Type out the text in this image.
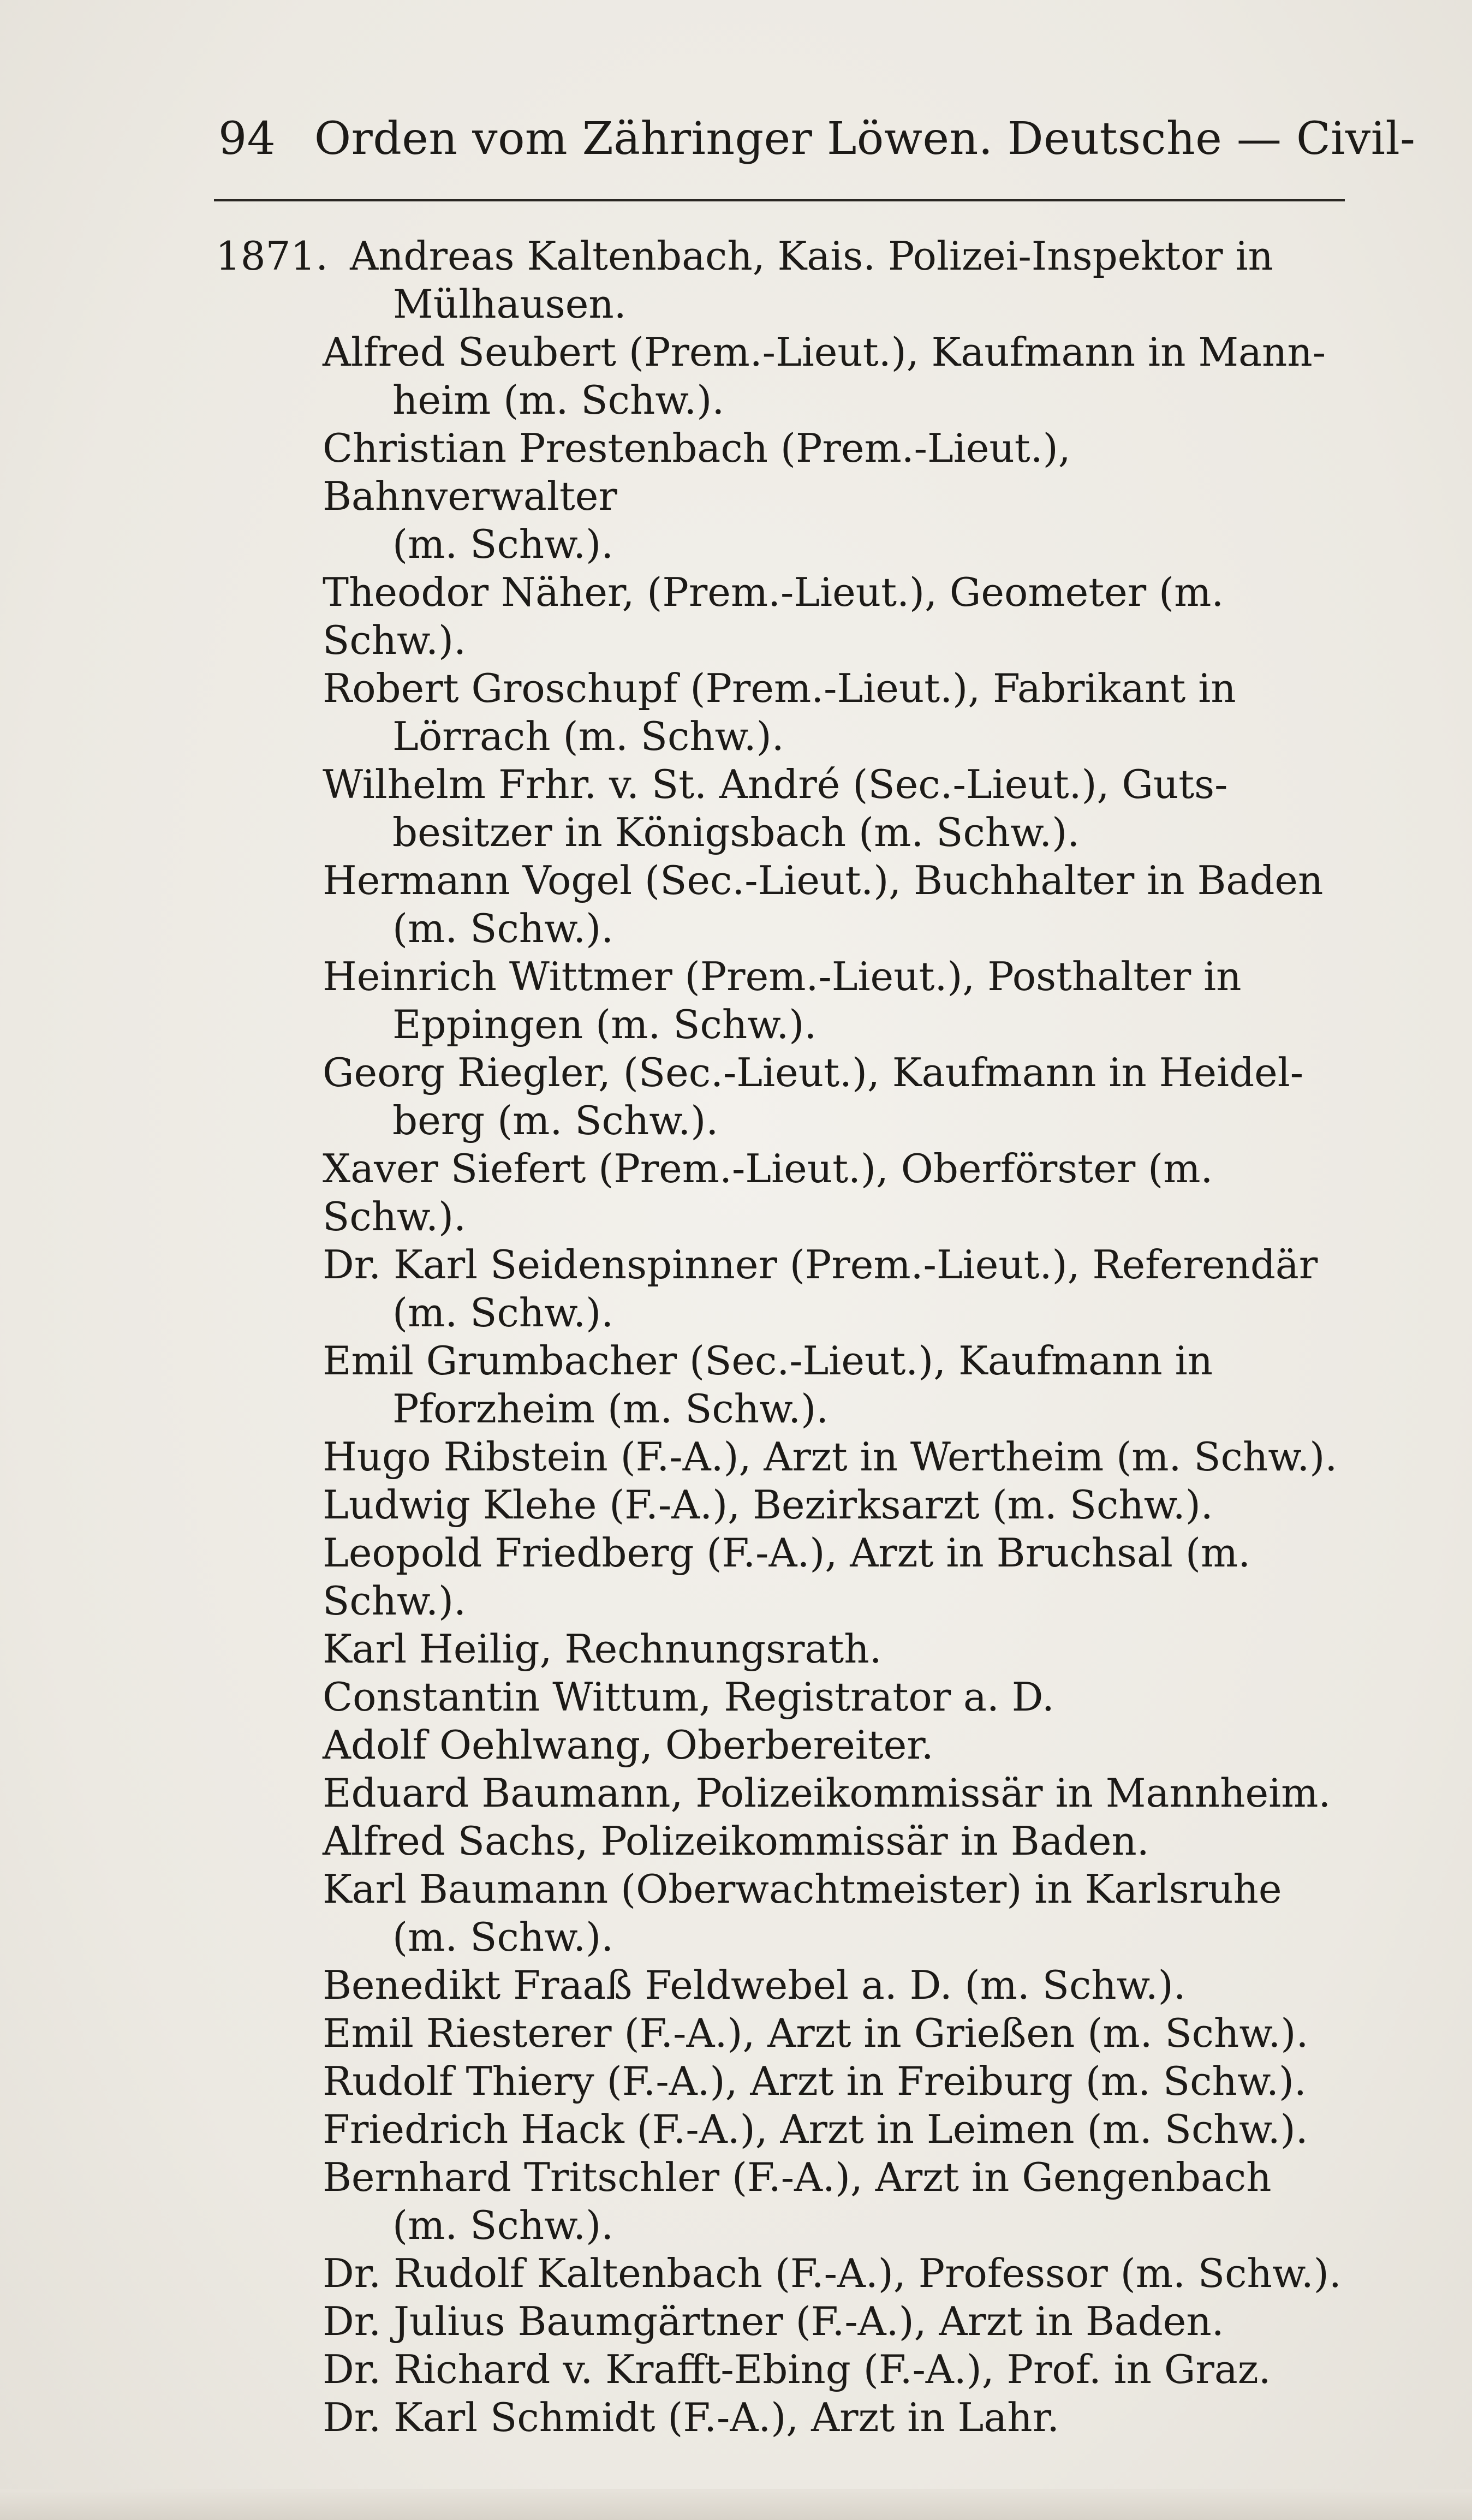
94 Orden vom Zähringer Löwen. Deutsche — Civil-
1871. Andreas Kaltenbach, Kais. Polizei-Inspektor in
Mülhausen.
Alfred Seubert (Prem.-Lieut.), Kaufmann in Mann-
heim (m. Schw.).
Christian Prestenbach (Prem.-Lieut.), Bahnverwalter
(m. Schw.).
Theodor Näher, (Prem.-Lieut.), Geometer (m. Schw.).
Robert Groschupf (Prem.-Lieut.), Fabrikant in
Lörrach (m. Schw.).
Wilhelm Frhr. v. St. André (Sec.-Lieut.), Guts-
besitzer in Königsbach (m. Schw.).
Hermann Vogel (Sec.-Lieut.), Buchhalter in Baden
(m. Schw.).
Heinrich Wittmer (Prem.-Lieut.), Posthalter in
Eppingen (m. Schw.).
Georg Riegler, (Sec.-Lieut.), Kaufmann in Heidel-
berg (m. Schw.).
Xaver Siefert (Prem.-Lieut.), Oberförster (m. Schw.).
Dr. Karl Seidenspinner (Prem.-Lieut.), Referendär
(m. Schw.).
Emil Grumbacher (Sec.-Lieut.), Kaufmann in
Pforzheim (m. Schw.).
Hugo Ribstein (F.-A.), Arzt in Wertheim (m. Schw.).
Ludwig Klehe (F.-A.), Bezirksarzt (m. Schw.).
Leopold Friedberg (F.-A.), Arzt in Bruchsal (m. Schw.).
Karl Heilig, Rechnungsrath.
Constantin Wittum, Registrator a. D.
Adolf Oehlwang, Oberbereiter.
Eduard Baumann, Polizeikommissär in Mannheim.
Alfred Sachs, Polizeikommissär in Baden.
Karl Baumann (Oberwachtmeister) in Karlsruhe
(m. Schw.).
Benedikt Fraaß Feldwebel a. D. (m. Schw.).
Emil Riesterer (F.-A.), Arzt in Grießen (m. Schw.).
Rudolf Thiery (F.-A.), Arzt in Freiburg (m. Schw.).
Friedrich Hack (F.-A.), Arzt in Leimen (m. Schw.).
Bernhard Tritschler (F.-A.), Arzt in Gengenbach
(m. Schw.).
Dr. Rudolf Kaltenbach (F.-A.), Professor (m. Schw.).
Dr. Julius Baumgärtner (F.-A.), Arzt in Baden.
Dr. Richard v. Krafft-Ebing (F.-A.), Prof. in Graz.
Dr. Karl Schmidt (F.-A.), Arzt in Lahr.
